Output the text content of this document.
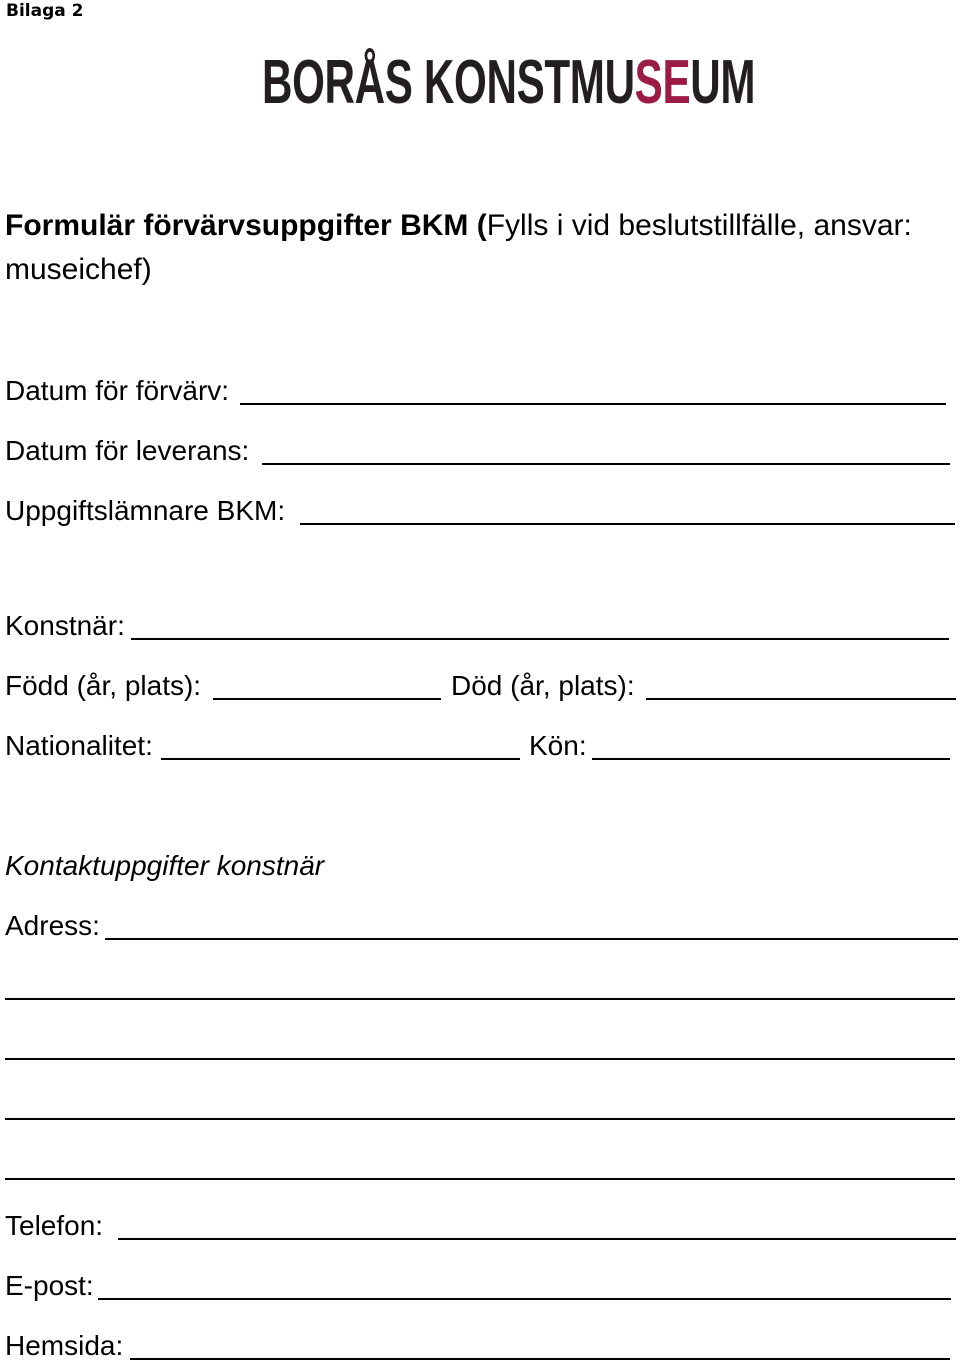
Bilaga 2
BORÅS KONSTMU SE UM
Formulär förvärvsuppgifter BKM (Fylls i vid beslutstillfälle, ansvar: museichef)
Datum för förvärv:
Datum för leverans:
Uppgiftslämnare BKM:
Konstnär:
Född (år, plats):	Död (år, plats):
Nationalitet:	Kön:
Kontaktuppgifter konstnär
Adress:
Telefon:
E-post:
Hemsida:
